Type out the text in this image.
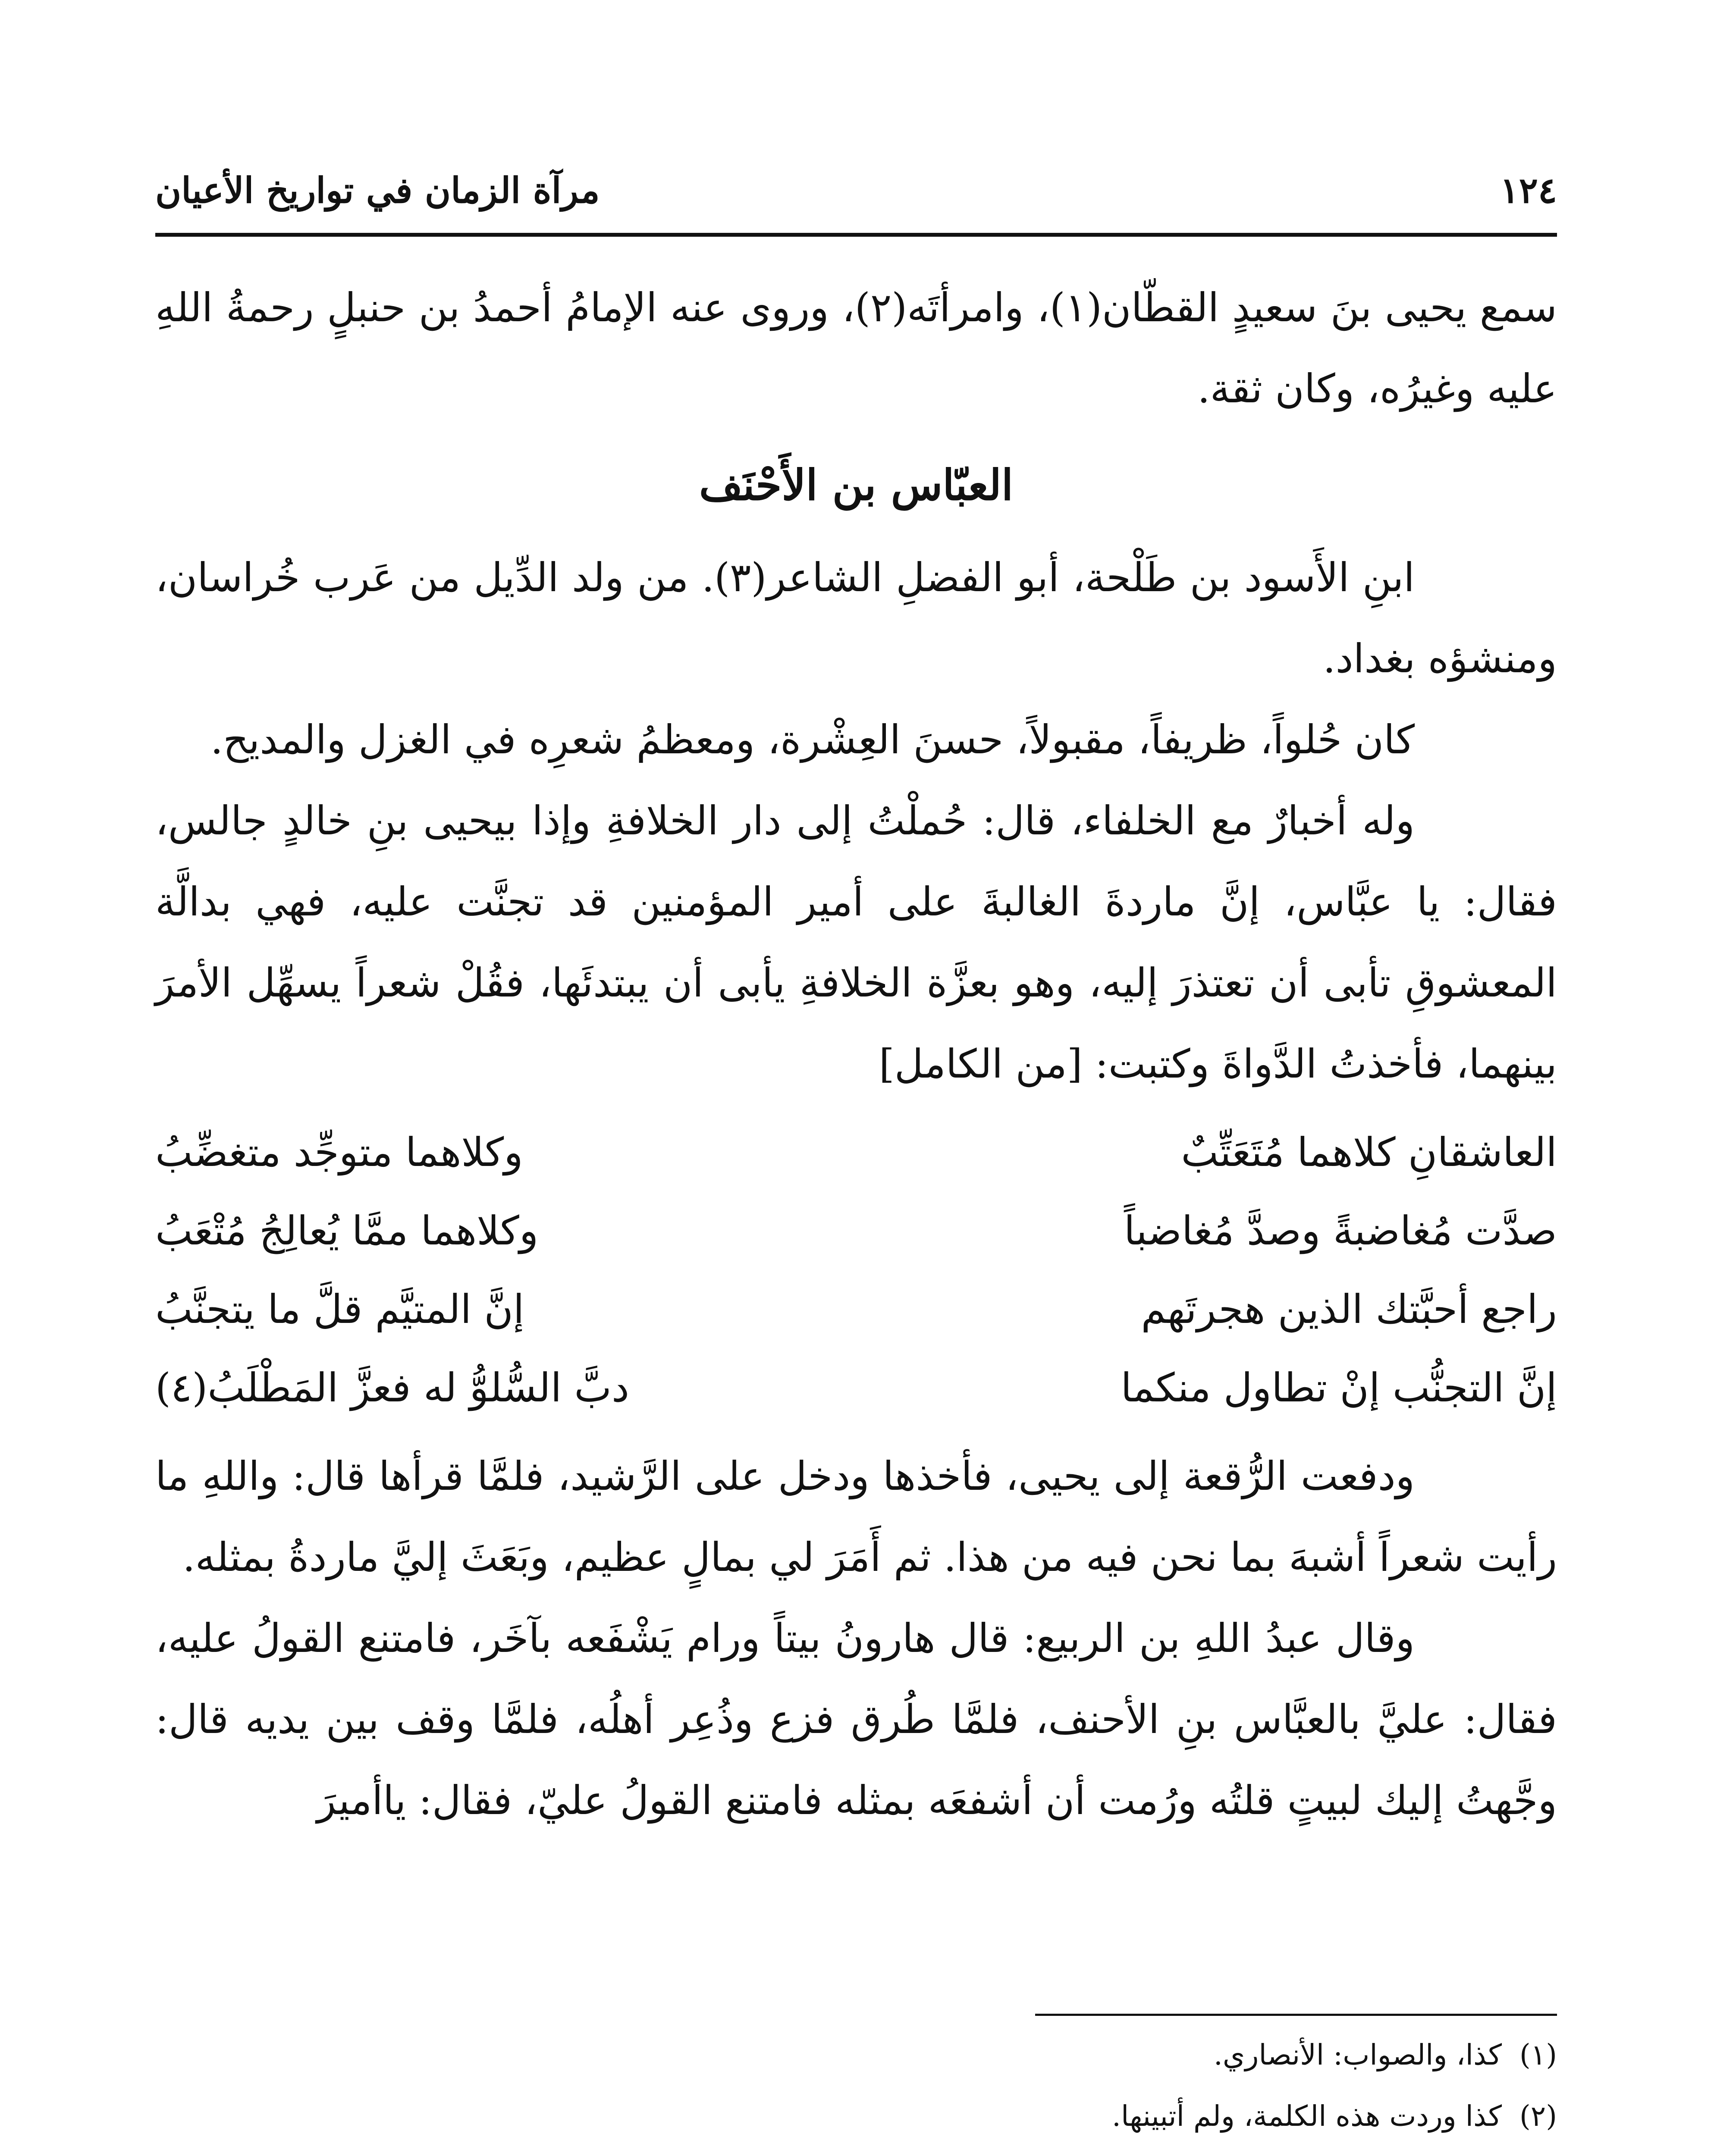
١٢٤
مرآة الزمان في تواريخ الأعيان

سمع يحيى بنَ سعيدٍ القطّان(١)، وامرأتَه(٢)، وروى عنه الإمامُ أحمدُ بن حنبلٍ رحمةُ اللهِ عليه وغيرُه، وكان ثقة.

العبّاس بن الأَحْنَف

ابنِ الأَسود بن طَلْحة، أبو الفضلِ الشاعر(٣). من ولد الدِّيل من عَرب خُراسان، ومنشؤه بغداد.

كان حُلواً، ظريفاً، مقبولاً، حسنَ العِشْرة، ومعظمُ شعرِه في الغزل والمديح.

وله أخبارٌ مع الخلفاء، قال: حُملْتُ إلى دار الخلافةِ وإذا بيحيى بنِ خالدٍ جالس، فقال: يا عبَّاس، إنَّ ماردةَ الغالبةَ على أمير المؤمنين قد تجنَّت عليه، فهي بدالَّة المعشوقِ تأبى أن تعتذرَ إليه، وهو بعزَّة الخلافةِ يأبى أن يبتدئَها، فقُلْ شعراً يسهِّل الأمرَ بينهما، فأخذتُ الدَّواةَ وكتبت: [من الكامل]

العاشقانِ كلاهما مُتَعَتِّبٌ
وكلاهما متوجِّد متغضِّبُ
صدَّت مُغاضبةً وصدَّ مُغاضباً
وكلاهما ممَّا يُعالِجُ مُتْعَبُ
راجع أحبَّتك الذين هجرتَهم
إنَّ المتيَّم قلَّ ما يتجنَّبُ
إنَّ التجنُّب إنْ تطاول منكما
دبَّ السُّلوُّ له فعزَّ المَطْلَبُ(٤)

ودفعت الرُّقعة إلى يحيى، فأخذها ودخل على الرَّشيد، فلمَّا قرأها قال: واللهِ ما رأيت شعراً أشبهَ بما نحن فيه من هذا. ثم أَمَرَ لي بمالٍ عظيم، وبَعَثَ إليَّ ماردةُ بمثله.

وقال عبدُ اللهِ بن الربيع: قال هارونُ بيتاً ورام يَشْفَعه بآخَر، فامتنع القولُ عليه، فقال: عليَّ بالعبَّاس بنِ الأحنف، فلمَّا طُرق فزع وذُعِر أهلُه، فلمَّا وقف بين يديه قال: وجَّهتُ إليك لبيتٍ قلتُه ورُمت أن أشفعَه بمثله فامتنع القولُ عليّ، فقال: ياأميرَ

(١) كذا، والصواب: الأنصاري.

(٢) كذا وردت هذه الكلمة، ولم أتبينها.
